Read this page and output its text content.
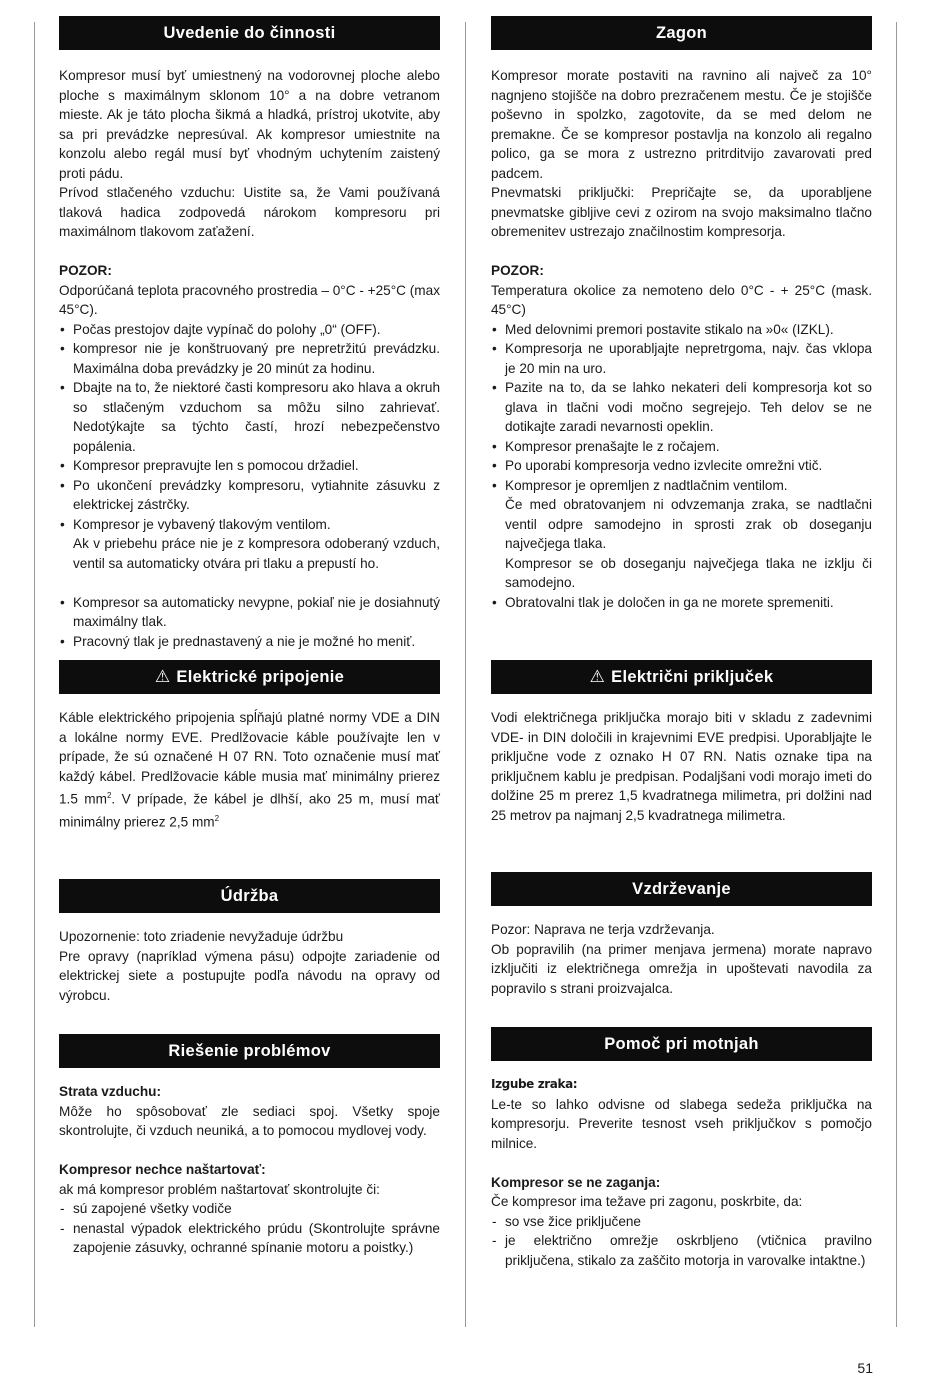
Uvedenie do činnosti

Kompresor musí byť umiestnený na vodorovnej ploche alebo ploche s maximálnym sklonom 10° a na dobre vetranom mieste. Ak je táto plocha šikmá a hladká, prístroj ukotvite, aby sa pri prevádzke nepresúval. Ak kompresor umiestnite na konzolu alebo regál musí byť vhodným uchytením zaistený proti pádu.

Prívod stlačeného vzduchu: Uistite sa, že Vami používaná tlaková hadica zodpovedá nárokom kompresoru pri maximálnom tlakovom zaťažení.

POZOR:

Odporúčaná teplota pracovného prostredia – 0°C - +25°C (max 45°C).

• Počas prestojov dajte vypínač do polohy „0“ (OFF).
• kompresor nie je konštruovaný pre nepretržitú prevádzku. Maximálna doba prevádzky je 20 minút za hodinu.
• Dbajte na to, že niektoré časti kompresoru ako hlava a okruh so stlačeným vzduchom sa môžu silno zahrievať. Nedotýkajte sa týchto častí, hrozí nebezpečenstvo popálenia.
• Kompresor prepravujte len s pomocou držadiel.
• Po ukončení prevádzky kompresoru, vytiahnite zásuvku z elektrickej zástrčky.
• Kompresor je vybavený tlakovým ventilom.
Ak v priebehu práce nie je z kompresora odoberaný vzduch, ventil sa automaticky otvára pri tlaku a prepustí ho.
• Kompresor sa automaticky nevypne, pokiaľ nie je dosiahnutý maximálny tlak.
• Pracovný tlak je prednastavený a nie je možné ho meniť.
⚠ Elektrické pripojenie

Káble elektrického pripojenia spĺňajú platné normy VDE a DIN a lokálne normy EVE. Predlžovacie káble používajte len v prípade, že sú označené H 07 RN. Toto označenie musí mať každý kábel. Predlžovacie káble musia mať minimálny prierez 1.5 $mm^2$. V prípade, že kábel je dlhší, ako 25 m, musí mať minimálny prierez 2,5 $mm^2$

Údržba

Upozornenie: toto zriadenie nevyžaduje údržbu

Pre opravy (napríklad výmena pásu) odpojte zariadenie od elektrickej siete a postupujte podľa návodu na opravy od výrobcu.

Riešenie problémov

Strata vzduchu:

Môže ho spôsobovať zle sediaci spoj. Všetky spoje skontrolujte, či vzduch neuniká, a to pomocou mydlovej vody.

Kompresor nechce naštartovať:

ak má kompresor problém naštartovať skontrolujte či:

- sú zapojené všetky vodiče
- nenastal výpadok elektrického prúdu (Skontrolujte správne zapojenie zásuvky, ochranné spínanie motoru a poistky.)
Zagon

Kompresor morate postaviti na ravnino ali največ za 10° nagnjeno stojišče na dobro prezračenem mestu. Če je stojišče poševno in spolzko, zagotovite, da se med delom ne premakne. Če se kompresor postavlja na konzolo ali regalno polico, ga se mora z ustrezno pritrditvijo zavarovati pred padcem.

Pnevmatski priključki: Prepričajte se, da uporabljene pnevmatske gibljive cevi z ozirom na svojo maksimalno tlačno obremenitev ustrezajo značilnostim kompresorja.

POZOR:

Temperatura okolice za nemoteno delo 0°C - + 25°C (mask. 45°C)

• Med delovnimi premori postavite stikalo na »0« (IZKL).
• Kompresorja ne uporabljajte nepretrgoma, najv. čas vklopa je 20 min na uro.
• Pazite na to, da se lahko nekateri deli kompresorja kot so glava in tlačni vodi močno segrejejo. Teh delov se ne dotikajte zaradi nevarnosti opeklin.
• Kompresor prenašajte le z ročajem.
• Po uporabi kompresorja vedno izvlecite omrežni vtič.
• Kompresor je opremljen z nadtlačnim ventilom.
Če med obratovanjem ni odvzemanja zraka, se nadtlačni ventil odpre samodejno in sprosti zrak ob doseganju največjega tlaka.
Kompresor se ob doseganju največjega tlaka ne izklju či samodejno.
• Obratovalni tlak je določen in ga ne morete spremeniti.
⚠ Električni priključek

Vodi električnega priključka morajo biti v skladu z zadevnimi VDE- in DIN določili in krajevnimi EVE predpisi. Uporabljajte le priključne vode z oznako H 07 RN. Natis oznake tipa na priključnem kablu je predpisan. Podaljšani vodi morajo imeti do dolžine 25 m prerez 1,5 kvadratnega milimetra, pri dolžini nad 25 metrov pa najmanj 2,5 kvadratnega milimetra.

Vzdrževanje

Pozor: Naprava ne terja vzdrževanja.

Ob popravilih (na primer menjava jermena) morate napravo izključiti iz električnega omrežja in upoštevati navodila za popravilo s strani proizvajalca.

Pomoč pri motnjah

Izgube zraka:

Le-te so lahko odvisne od slabega sedeža priključka na kompresorju. Preverite tesnost vseh priključkov s pomočjo milnice.

Kompresor se ne zaganja:

Če kompresor ima težave pri zagonu, poskrbite, da:

- so vse žice priključene
- je električno omrežje oskrbljeno (vtičnica pravilno priključena, stikalo za zaščito motorja in varovalke intaktne.)
51
